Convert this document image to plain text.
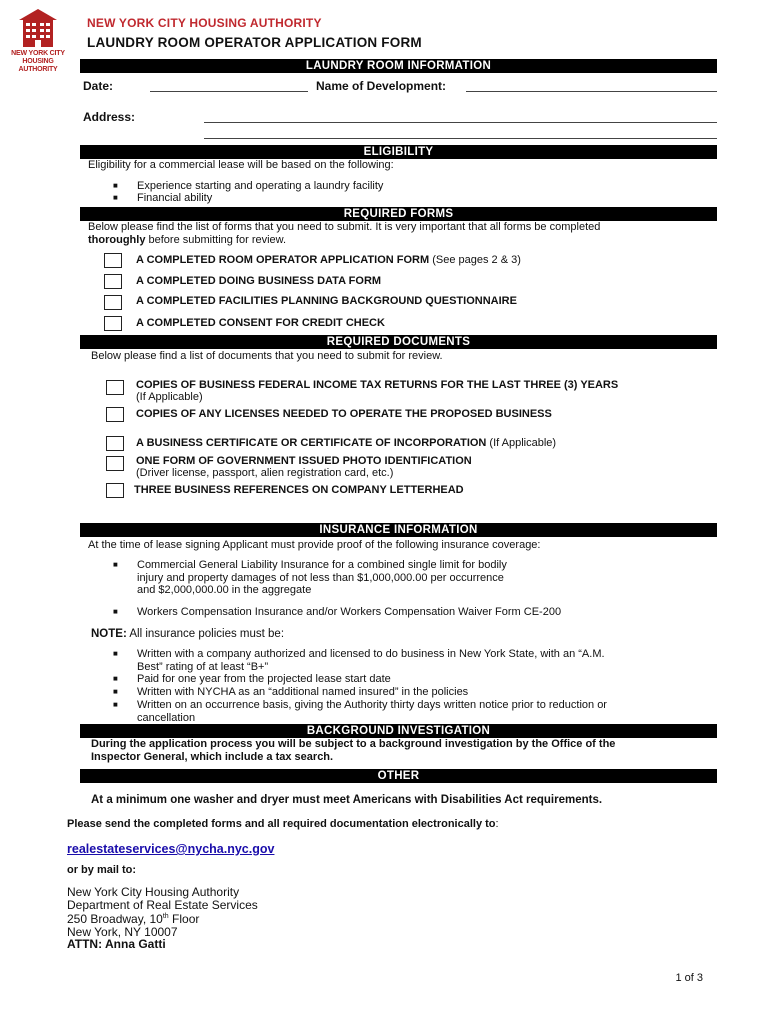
NEW YORK CITY
HOUSING
AUTHORITY
NEW YORK CITY HOUSING AUTHORITY
LAUNDRY ROOM OPERATOR APPLICATION FORM
LAUNDRY ROOM INFORMATION
Date:	Name of Development:
Address:
ELIGIBILITY
Eligibility for a commercial lease will be based on the following:
■ Experience starting and operating a laundry facility
■ Financial ability
REQUIRED FORMS
Below please find the list of forms that you need to submit. It is very important that all forms be completed
thoroughly before submitting for review.
A COMPLETED ROOM OPERATOR APPLICATION FORM (See pages 2 & 3)
A COMPLETED DOING BUSINESS DATA FORM
A COMPLETED FACILITIES PLANNING BACKGROUND QUESTIONNAIRE
A COMPLETED CONSENT FOR CREDIT CHECK
REQUIRED DOCUMENTS
Below please find a list of documents that you need to submit for review.
COPIES OF BUSINESS FEDERAL INCOME TAX RETURNS FOR THE LAST THREE (3) YEARS
(If Applicable)
COPIES OF ANY LICENSES NEEDED TO OPERATE THE PROPOSED BUSINESS
A BUSINESS CERTIFICATE OR CERTIFICATE OF INCORPORATION (If Applicable)
ONE FORM OF GOVERNMENT ISSUED PHOTO IDENTIFICATION
(Driver license, passport, alien registration card, etc.)
THREE BUSINESS REFERENCES ON COMPANY LETTERHEAD
INSURANCE INFORMATION
At the time of lease signing Applicant must provide proof of the following insurance coverage:
■ Commercial General Liability Insurance for a combined single limit for bodily
injury and property damages of not less than $1,000,000.00 per occurrence
and $2,000,000.00 in the aggregate
■ Workers Compensation Insurance and/or Workers Compensation Waiver Form CE-200
NOTE: All insurance policies must be:
■ Written with a company authorized and licensed to do business in New York State, with an “A.M.
Best” rating of at least “B+”
■ Paid for one year from the projected lease start date
■ Written with NYCHA as an “additional named insured” in the policies
■ Written on an occurrence basis, giving the Authority thirty days written notice prior to reduction or
cancellation
BACKGROUND INVESTIGATION
During the application process you will be subject to a background investigation by the Office of the
Inspector General, which include a tax search.
OTHER
At a minimum one washer and dryer must meet Americans with Disabilities Act requirements.
Please send the completed forms and all required documentation electronically to:
realestateservices@nycha.nyc.gov
or by mail to:
New York City Housing Authority
Department of Real Estate Services
250 Broadway, 10th Floor
New York, NY 10007
ATTN: Anna Gatti
1 of 3
